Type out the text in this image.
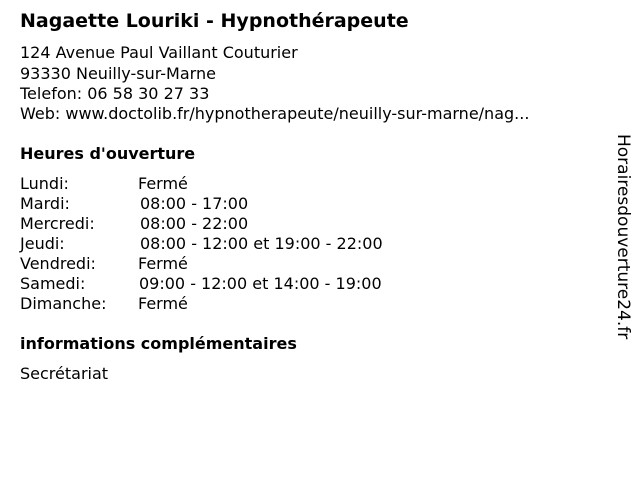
Nagaette Louriki - Hypnothérapeute
124 Avenue Paul Vaillant Couturier
93330 Neuilly-sur-Marne
Telefon: 06 58 30 27 33
Web: www.doctolib.fr/hypnotherapeute/neuilly-sur-marne/nag...
Heures d'ouverture
Lundi:	Fermé
Mardi:	08:00 - 17:00
Mercredi:	08:00 - 22:00
Jeudi:	08:00 - 12:00 et 19:00 - 22:00
Vendredi:	Fermé
Samedi:	09:00 - 12:00 et 14:00 - 19:00
Dimanche: Fermé
informations complémentaires
Secrétariat
Horairesdouverture24.fr
